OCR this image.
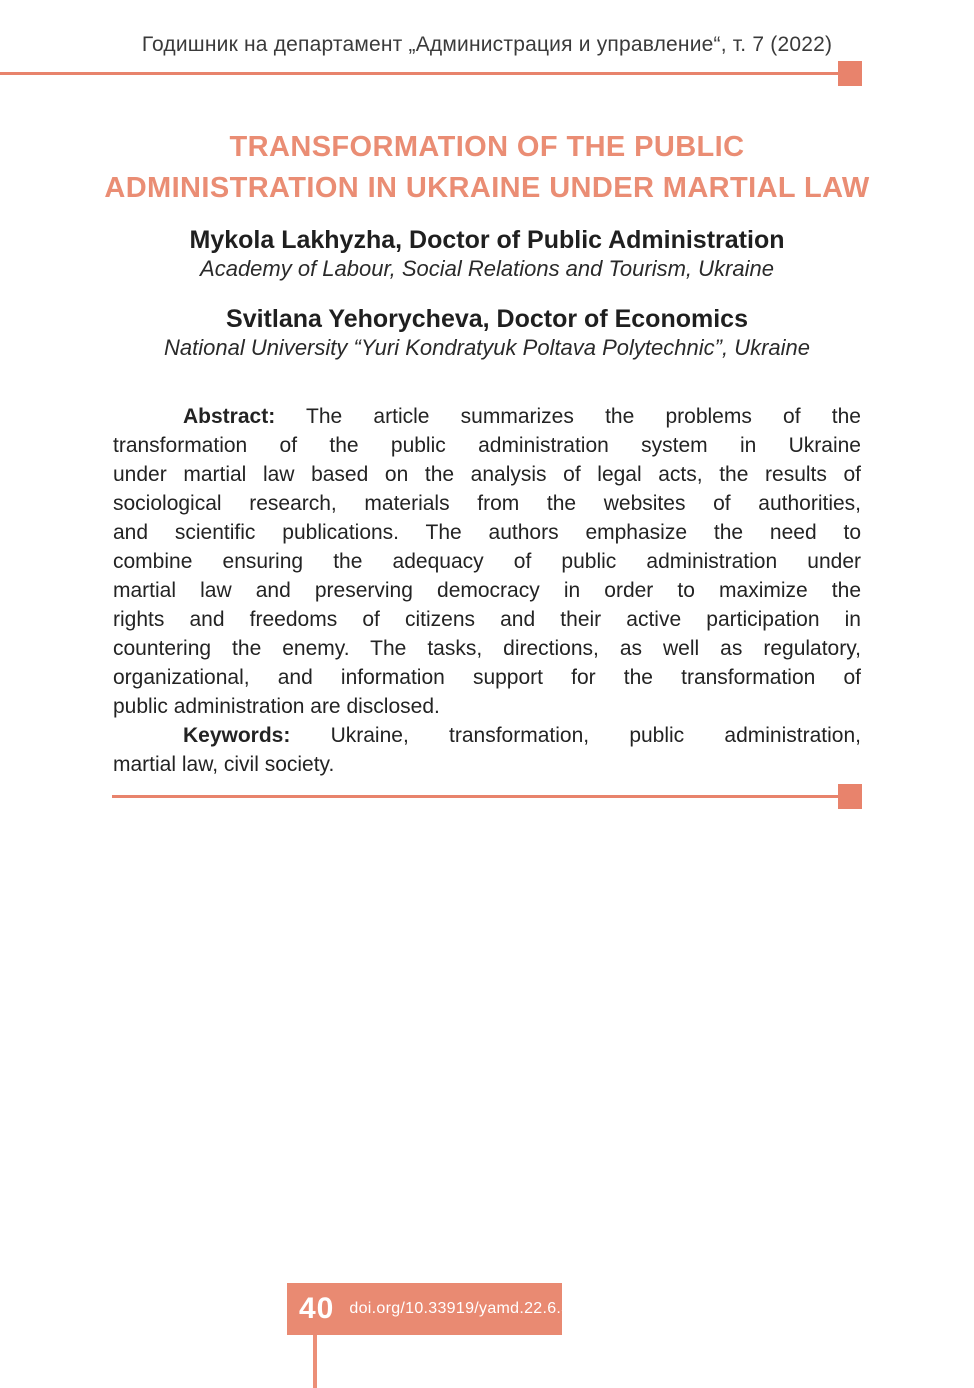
Годишник на департамент „Администрация и управление“, т. 7 (2022)
TRANSFORMATION OF THE PUBLIC
ADMINISTRATION IN UKRAINE UNDER MARTIAL LAW
Mykola Lakhyzha, Doctor of Public Administration
Academy of Labour, Social Relations and Tourism, Ukraine
Svitlana Yehorycheva, Doctor of Economics
National University “Yuri Kondratyuk Poltava Polytechnic”, Ukraine
Abstract: The article summarizes the problems of the
transformation of the public administration system in Ukraine
under martial law based on the analysis of legal acts, the results of
sociological research, materials from the websites of authorities,
and scientific publications. The authors emphasize the need to
combine ensuring the adequacy of public administration under
martial law and preserving democracy in order to maximize the
rights and freedoms of citizens and their active participation in
countering the enemy. The tasks, directions, as well as regulatory,
organizational, and information support for the transformation of
public administration are disclosed.
Keywords: Ukraine, transformation, public administration,
martial law, civil society.
40 doi.org/10.33919/yamd.22.6.3
